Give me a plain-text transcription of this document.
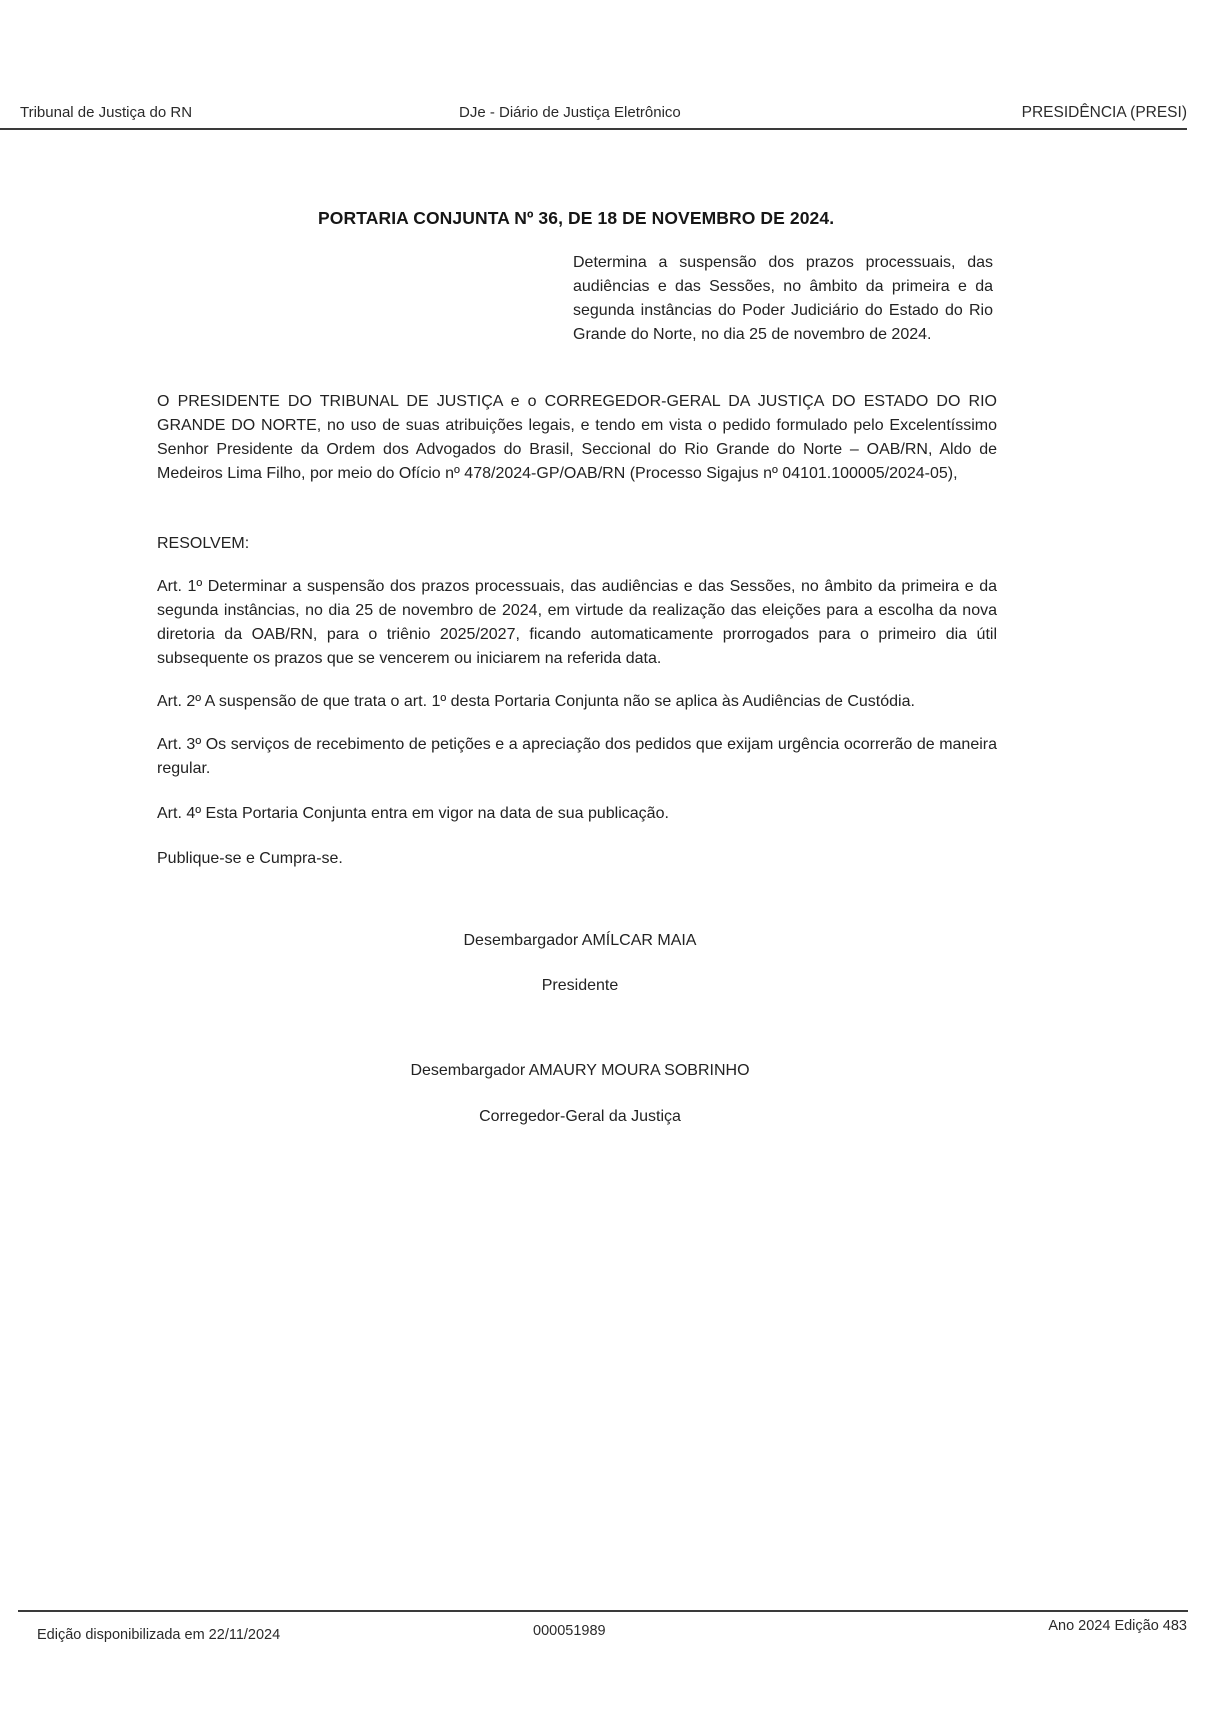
Tribunal de Justiça do RN	DJe - Diário de Justiça Eletrônico	PRESIDÊNCIA (PRESI)
PORTARIA CONJUNTA Nº 36, DE 18 DE NOVEMBRO DE 2024.
Determina a suspensão dos prazos processuais, das audiências e das Sessões, no âmbito da primeira e da segunda instâncias do Poder Judiciário do Estado do Rio Grande do Norte, no dia 25 de novembro de 2024.
O PRESIDENTE DO TRIBUNAL DE JUSTIÇA e o CORREGEDOR-GERAL DA JUSTIÇA DO ESTADO DO RIO GRANDE DO NORTE, no uso de suas atribuições legais, e tendo em vista o pedido formulado pelo Excelentíssimo Senhor Presidente da Ordem dos Advogados do Brasil, Seccional do Rio Grande do Norte – OAB/RN, Aldo de Medeiros Lima Filho, por meio do Ofício nº 478/2024-GP/OAB/RN (Processo Sigajus nº 04101.100005/2024-05),
RESOLVEM:
Art. 1º Determinar a suspensão dos prazos processuais, das audiências e das Sessões, no âmbito da primeira e da segunda instâncias, no dia 25 de novembro de 2024, em virtude da realização das eleições para a escolha da nova diretoria da OAB/RN, para o triênio 2025/2027, ficando automaticamente prorrogados para o primeiro dia útil subsequente os prazos que se vencerem ou iniciarem na referida data.
Art. 2º A suspensão de que trata o art. 1º desta Portaria Conjunta não se aplica às Audiências de Custódia.
Art. 3º Os serviços de recebimento de petições e a apreciação dos pedidos que exijam urgência ocorrerão de maneira regular.
Art. 4º Esta Portaria Conjunta entra em vigor na data de sua publicação.
Publique-se e Cumpra-se.
Desembargador AMÍLCAR MAIA
Presidente
Desembargador AMAURY MOURA SOBRINHO
Corregedor-Geral da Justiça
Edição disponibilizada em 22/11/2024	000051989	Ano 2024 Edição 483
